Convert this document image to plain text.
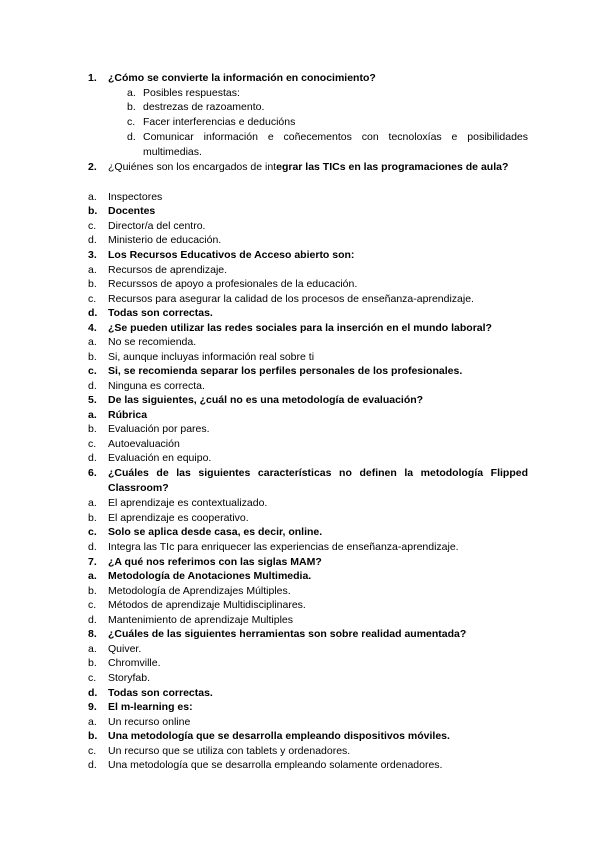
1. ¿Cómo se convierte la información en conocimiento?
a. Posibles respuestas:
b. destrezas de razoamento.
c. Facer interferencias e deducións
d. Comunicar información e coñecementos con tecnoloxías e posibilidades multimedias.
2. ¿Quiénes son los encargados de integrar las TICs en las programaciones de aula?
a. Inspectores
b. Docentes
c. Director/a del centro.
d. Ministerio de educación.
3. Los Recursos Educativos de Acceso abierto son:
a. Recursos de aprendizaje.
b. Recurssos de apoyo a profesionales de la educación.
c. Recursos para asegurar la calidad de los procesos de enseñanza-aprendizaje.
d. Todas son correctas.
4. ¿Se pueden utilizar las redes sociales para la inserción en el mundo laboral?
a. No se recomienda.
b. Si, aunque incluyas información real sobre ti
c. Si, se recomienda separar los perfiles personales de los profesionales.
d. Ninguna es correcta.
5. De las siguientes, ¿cuál no es una metodología de evaluación?
a. Rúbrica
b. Evaluación por pares.
c. Autoevaluación
d. Evaluación en equipo.
6. ¿Cuáles de las siguientes características no definen la metodología Flipped Classroom?
a. El aprendizaje es contextualizado.
b. El aprendizaje es cooperativo.
c. Solo se aplica desde casa, es decir, online.
d. Integra las TIc para enriquecer las experiencias de enseñanza-aprendizaje.
7. ¿A qué nos referimos con las siglas MAM?
a. Metodología de Anotaciones Multimedia.
b. Metodología de Aprendizajes Múltiples.
c. Métodos de aprendizaje Multidisciplinares.
d. Mantenimiento de aprendizaje Multiples
8. ¿Cuáles de las siguientes herramientas son sobre realidad aumentada?
a. Quiver.
b. Chromville.
c. Storyfab.
d. Todas son correctas.
9. El m-learning es:
a. Un recurso online
b. Una metodología que se desarrolla empleando dispositivos móviles.
c. Un recurso que se utiliza con tablets y ordenadores.
d. Una metodología que se desarrolla empleando solamente ordenadores.
